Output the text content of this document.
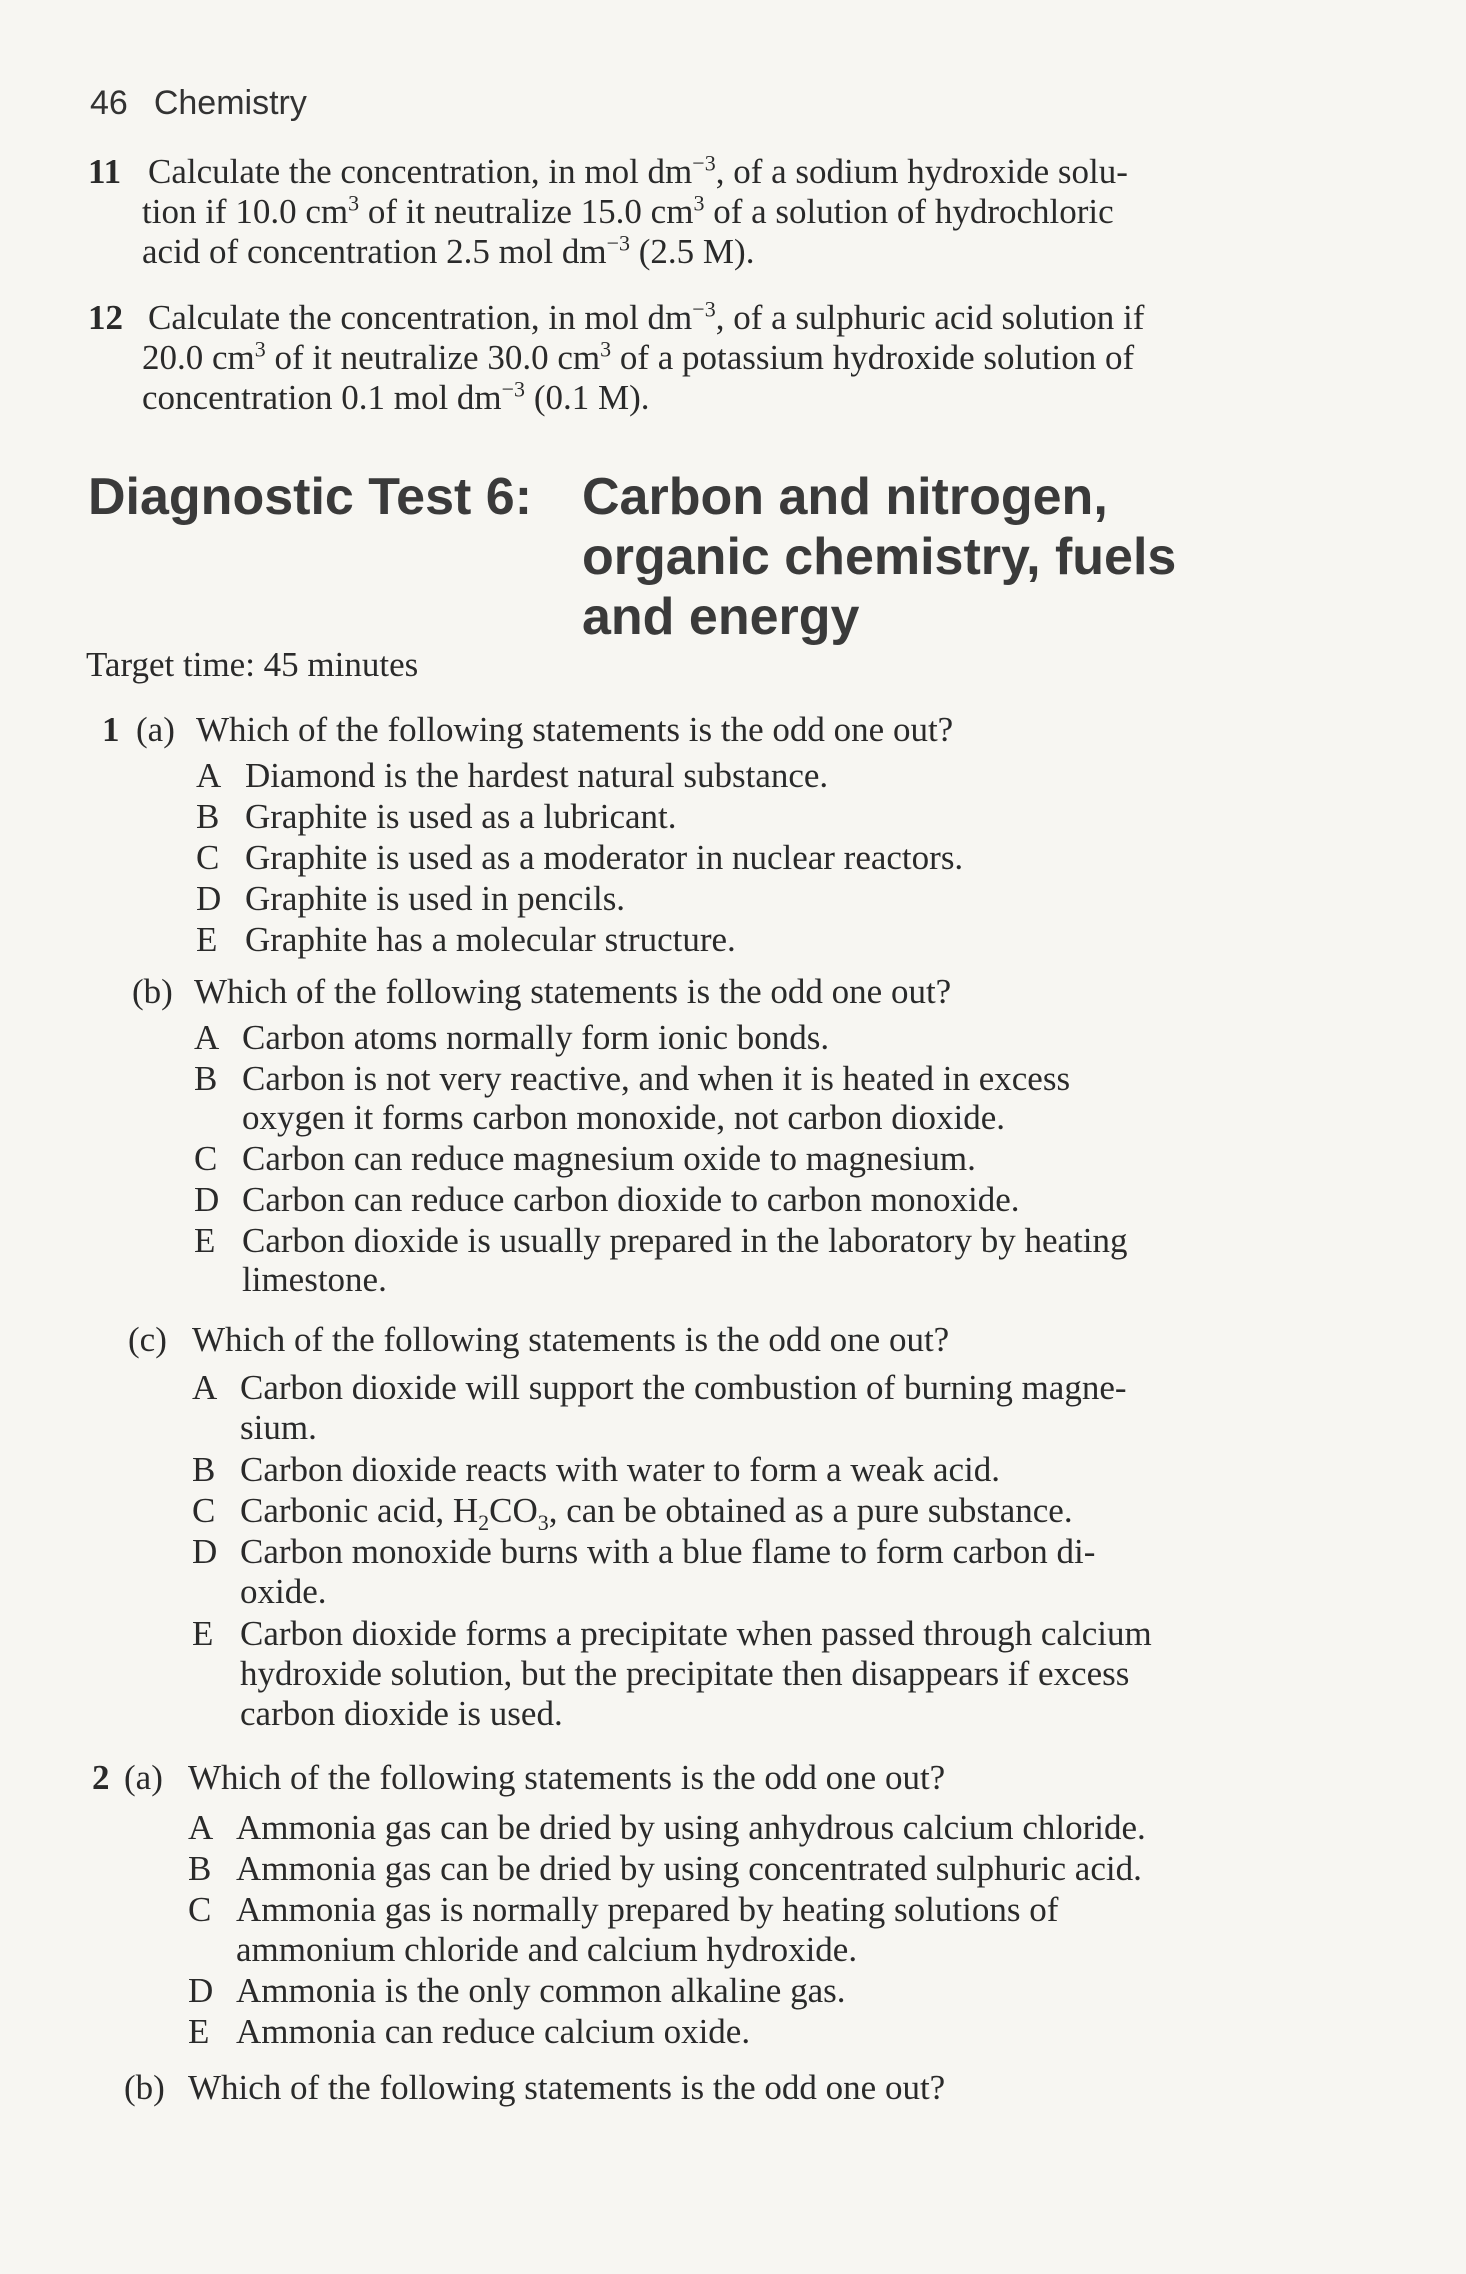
46 Chemistry
11 Calculate the concentration, in mol $dm^{-3}$, of a sodium hydroxide solu-
tion if 10.0 $cm^3$ of it neutralize 15.0 $cm^3$ of a solution of hydrochloric
acid of concentration 2.5 mol $dm^{-3}$ (2.5 M).
12 Calculate the concentration, in mol $dm^{-3}$, of a sulphuric acid solution if
20.0 $cm^3$ of it neutralize 30.0 $cm^3$ of a potassium hydroxide solution of
concentration 0.1 mol $dm^{-3}$ (0.1 M).
Diagnostic Test 6: Carbon and nitrogen,
organic chemistry, fuels
and energy
Target time: 45 minutes
1 (a) Which of the following statements is the odd one out?
A Diamond is the hardest natural substance.
B Graphite is used as a lubricant.
C Graphite is used as a moderator in nuclear reactors.
D Graphite is used in pencils.
E Graphite has a molecular structure.
(b) Which of the following statements is the odd one out?
A Carbon atoms normally form ionic bonds.
B Carbon is not very reactive, and when it is heated in excess
oxygen it forms carbon monoxide, not carbon dioxide.
C Carbon can reduce magnesium oxide to magnesium.
D Carbon can reduce carbon dioxide to carbon monoxide.
E Carbon dioxide is usually prepared in the laboratory by heating
limestone.
(c) Which of the following statements is the odd one out?
A Carbon dioxide will support the combustion of burning magne-
sium.
B Carbon dioxide reacts with water to form a weak acid.
C Carbonic acid, $H_2CO_3$, can be obtained as a pure substance.
D Carbon monoxide burns with a blue flame to form carbon di-
oxide.
E Carbon dioxide forms a precipitate when passed through calcium
hydroxide solution, but the precipitate then disappears if excess
carbon dioxide is used.
2 (a) Which of the following statements is the odd one out?
A Ammonia gas can be dried by using anhydrous calcium chloride.
B Ammonia gas can be dried by using concentrated sulphuric acid.
C Ammonia gas is normally prepared by heating solutions of
ammonium chloride and calcium hydroxide.
D Ammonia is the only common alkaline gas.
E Ammonia can reduce calcium oxide.
(b) Which of the following statements is the odd one out?
